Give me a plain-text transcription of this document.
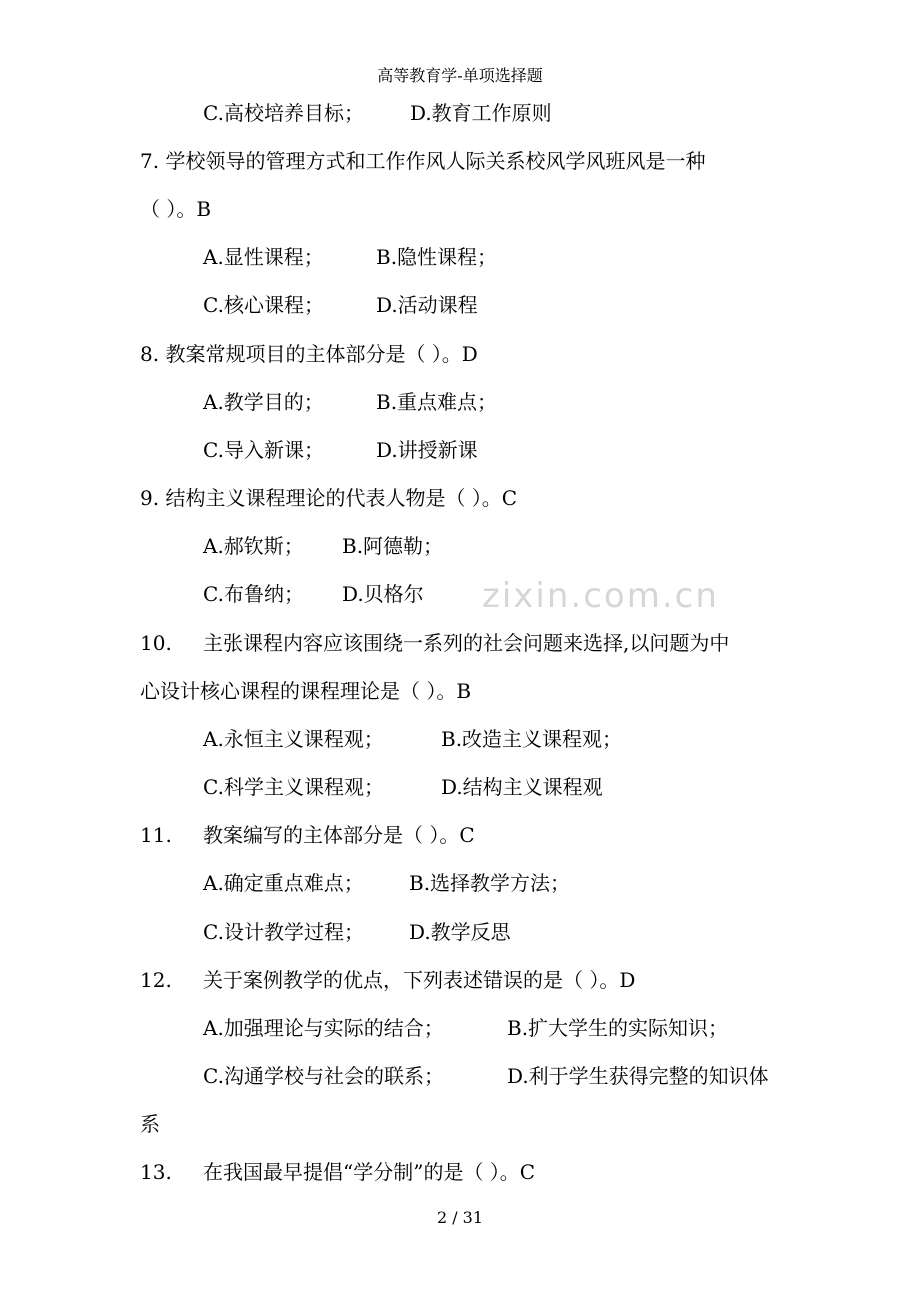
高等教育学-单项选择题
C.高校培养目标； D.教育工作原则
7. 学校领导的管理方式和工作作风人际关系校风学风班风是一种
（ ）。B
A.显性课程；	B.隐性课程；
C.核心课程；	D.活动课程
8. 教案常规项目的主体部分是（ ）。D
A.教学目的；	B.重点难点；
C.导入新课；	D.讲授新课
9. 结构主义课程理论的代表人物是（ ）。C
A.郝钦斯； B.阿德勒；
C.布鲁纳； D.贝格尔
10. 主张课程内容应该围绕一系列的社会问题来选择,以问题为中
心设计核心课程的课程理论是（ ）。B
A.永恒主义课程观；	B.改造主义课程观；
C.科学主义课程观；	D.结构主义课程观
11. 教案编写的主体部分是（ ）。C
A.确定重点难点； B.选择教学方法；
C.设计教学过程； D.教学反思
12. 关于案例教学的优点，下列表述错误的是（ ）。D
A.加强理论与实际的结合；	B.扩大学生的实际知识；
C.沟通学校与社会的联系；	D.利于学生获得完整的知识体
系
13. 在我国最早提倡“学分制”的是（ ）。C
zixin.com.cn
2 / 31
